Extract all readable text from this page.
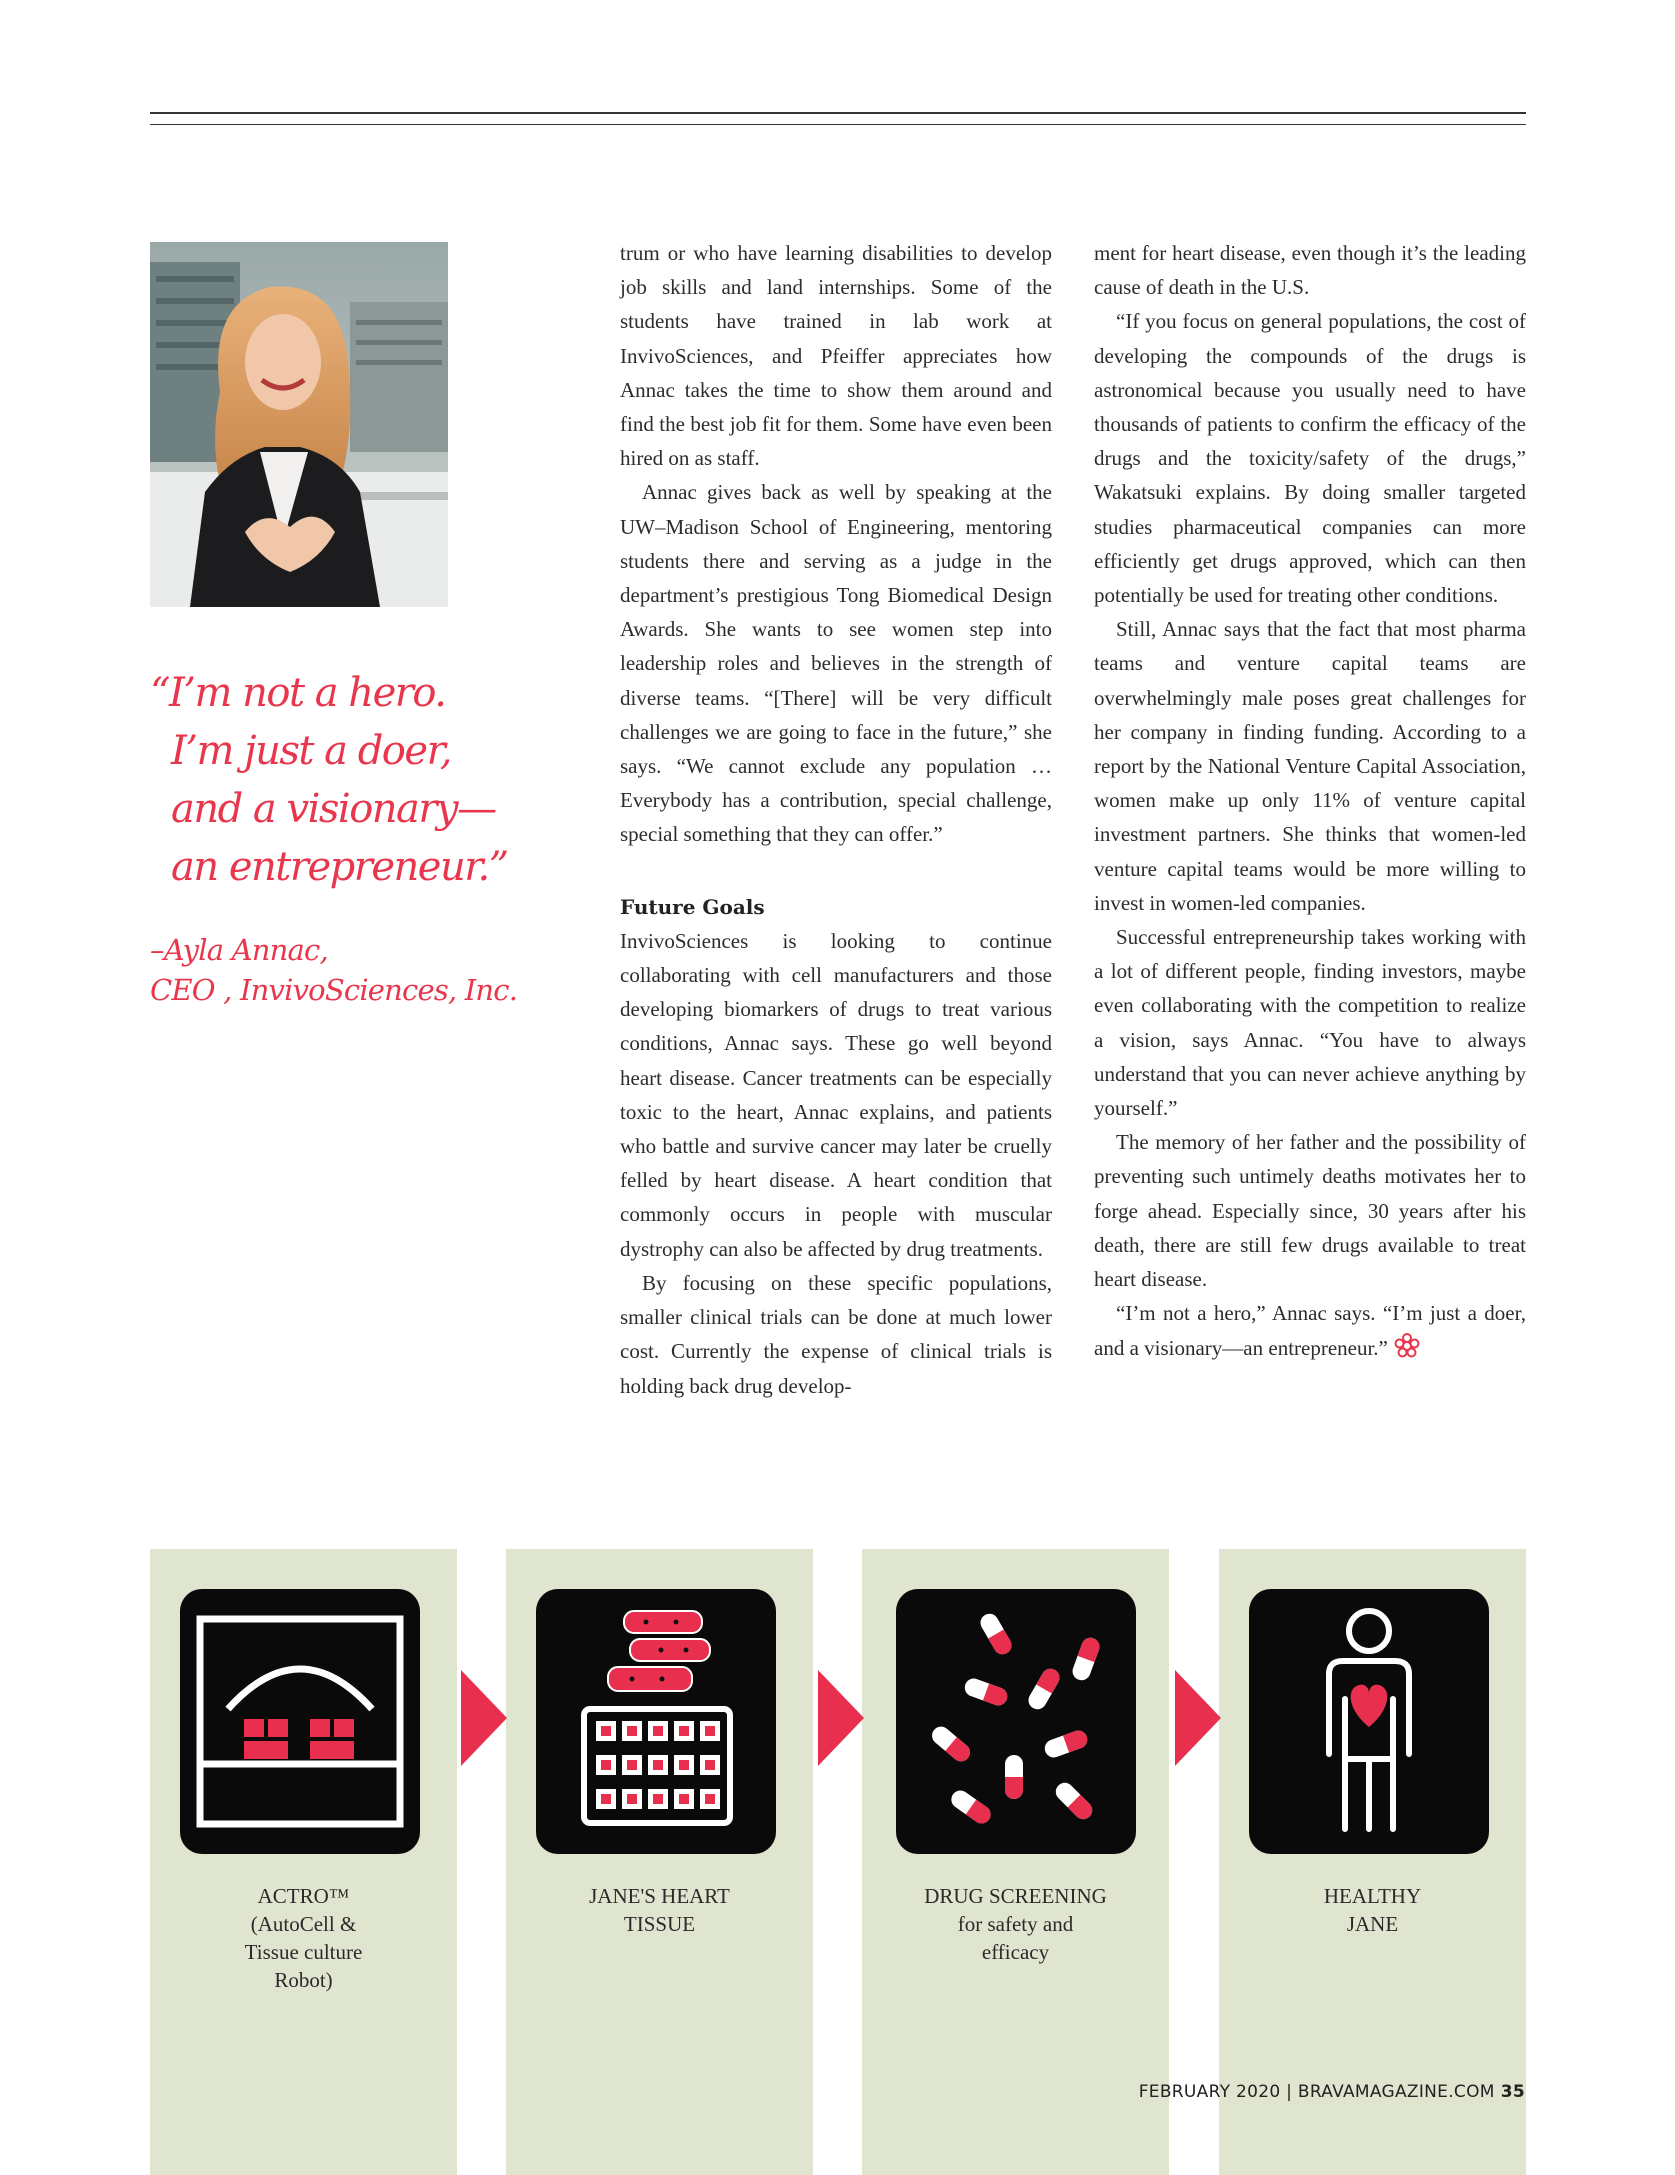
“I’m not a hero.
I’m just a doer,
and a visionary—
an entrepreneur.”
–Ayla Annac,
CEO , InvivoSciences, Inc.

trum or who have learning disabilities to develop job skills and land internships. Some of the students have trained in lab work at InvivoSciences, and Pfeiffer appreciates how Annac takes the time to show them around and find the best job fit for them. Some have even been hired on as staff.

Annac gives back as well by speaking at the UW–Madison School of Engineering, mentoring students there and serving as a judge in the department’s prestigious Tong Biomedical Design Awards. She wants to see women step into leadership roles and believes in the strength of diverse teams. “[There] will be very difficult challenges we are going to face in the future,” she says. “We cannot exclude any population … Everybody has a contribution, special challenge, special something that they can offer.”

Future Goals

InvivoSciences is looking to continue collaborating with cell manufacturers and those developing biomarkers of drugs to treat various conditions, Annac says. These go well beyond heart disease. Cancer treatments can be especially toxic to the heart, Annac explains, and patients who battle and survive cancer may later be cruelly felled by heart disease. A heart condition that commonly occurs in people with muscular dystrophy can also be affected by drug treatments.

By focusing on these specific populations, smaller clinical trials can be done at much lower cost. Currently the expense of clinical trials is holding back drug develop-

ment for heart disease, even though it’s the leading cause of death in the U.S.

“If you focus on general populations, the cost of developing the compounds of the drugs is astronomical because you usually need to have thousands of patients to confirm the efficacy of the drugs and the toxicity/safety of the drugs,” Wakatsuki explains. By doing smaller targeted studies pharmaceutical companies can more efficiently get drugs approved, which can then potentially be used for treating other conditions.

Still, Annac says that the fact that most pharma teams and venture capital teams are overwhelmingly male poses great challenges for her company in finding funding. According to a report by the National Venture Capital Association, women make up only 11% of venture capital investment partners. She thinks that women-led venture capital teams would be more willing to invest in women-led companies.

Successful entrepreneurship takes working with a lot of different people, finding investors, maybe even collaborating with the competition to realize a vision, says Annac. “You have to always understand that you can never achieve anything by yourself.”

The memory of her father and the possibility of preventing such untimely deaths motivates her to forge ahead. Especially since, 30 years after his death, there are still few drugs available to treat heart disease.

“I’m not a hero,” Annac says. “I’m just a doer, and a visionary—an entrepreneur.”

ACTRO™
(AutoCell &
Tissue culture
Robot)
JANE'S HEART
TISSUE
DRUG SCREENING
for safety and
efficacy
HEALTHY
JANE
FEBRUARY 2020 | BRAVAMAGAZINE.COM 35
